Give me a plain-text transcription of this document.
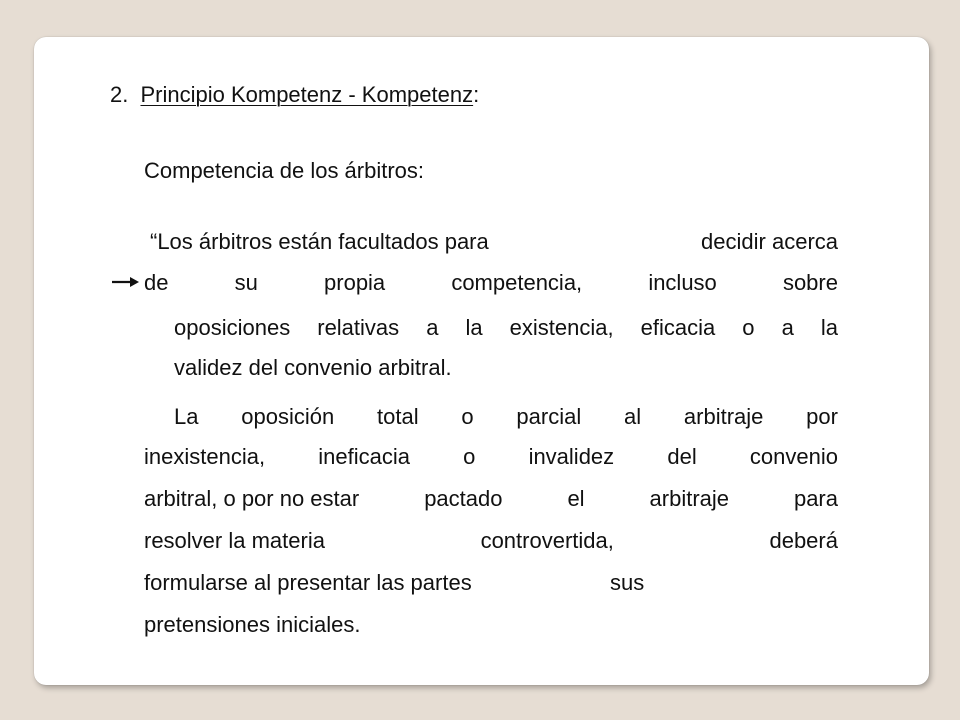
2. Principio Kompetenz - Kompetenz:
Competencia de los árbitros:
“Los árbitros están facultados para	decidir acerca
de	su	propia	competencia,	incluso	sobre
oposiciones relativas a la existencia, eficacia o a la
validez del convenio arbitral.
La oposición total o parcial al arbitraje por
inexistencia, ineficacia o invalidez del convenio
arbitral, o por no estar	pactado	el	arbitraje	para
resolver la materia	controvertida,	deberá
formularse al presentar las partes	sus
pretensiones iniciales.
